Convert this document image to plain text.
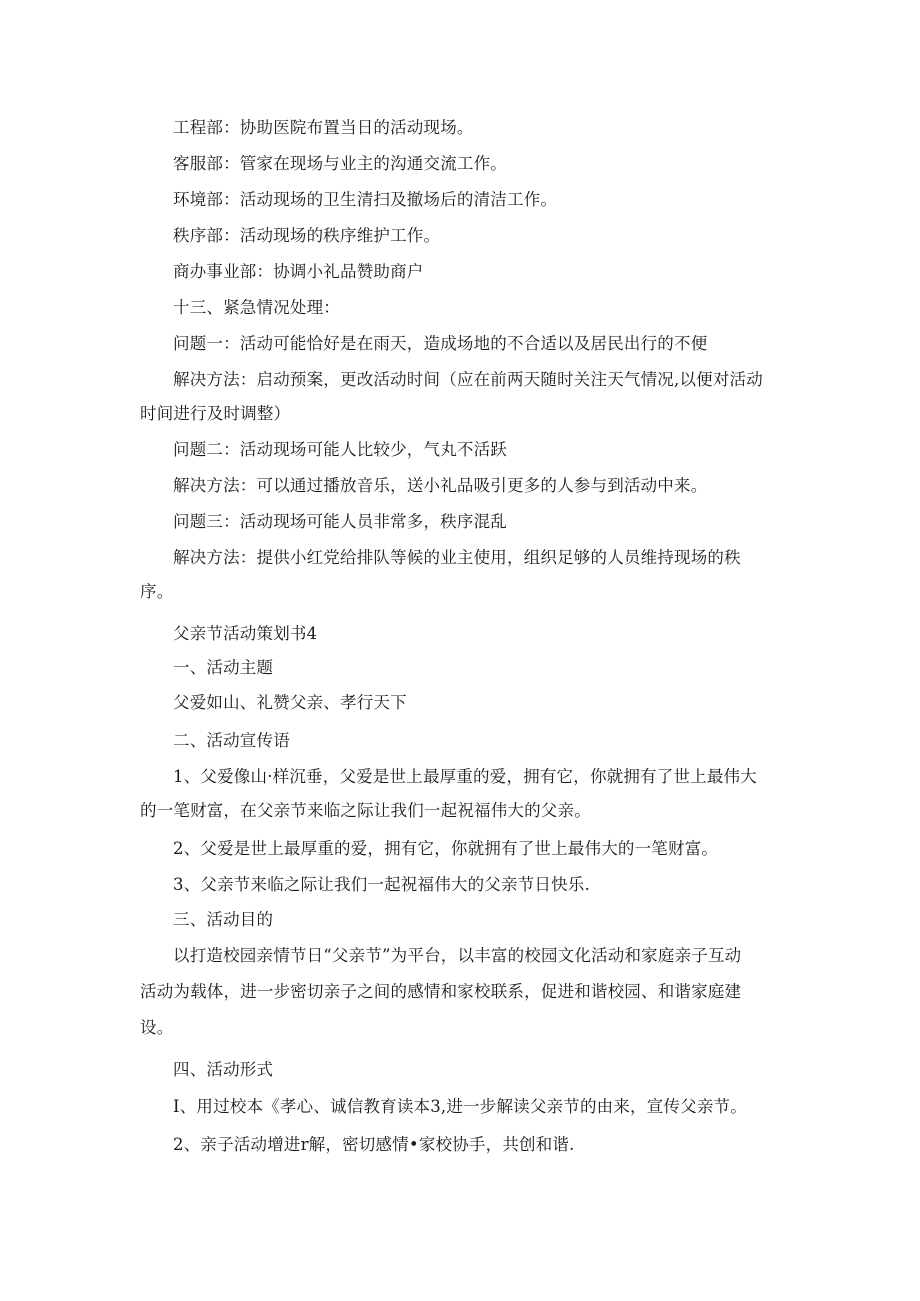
工程部：协助医院布置当日的活动现场。
客服部：管家在现场与业主的沟通交流工作。
环境部：活动现场的卫生清扫及撤场后的清洁工作。
秩序部：活动现场的秩序维护工作。
商办事业部：协调小礼品赞助商户
十三、紧急情况处理：
问题一：活动可能恰好是在雨天，造成场地的不合适以及居民出行的不便
解决方法：启动预案，更改活动时间（应在前两天随时关注天气情况,以便对活动
时间进行及时调整）
问题二：活动现场可能人比较少，气丸不活跃
解决方法：可以通过播放音乐，送小礼品吸引更多的人参与到活动中来。
问题三：活动现场可能人员非常多，秩序混乱
解决方法：提供小红党给排队等候的业主使用，组织足够的人员维持现场的秩
序。
父亲节活动策划书4
一、活动主题
父爱如山、礼赞父亲、孝行天下
二、活动宣传语
1、父爱像山·样沉垂，父爱是世上最厚重的爱，拥有它，你就拥有了世上最伟大
的一笔财富，在父亲节来临之际让我们一起祝福伟大的父亲。
2、父爱是世上最厚重的爱，拥有它，你就拥有了世上最伟大的一笔财富。
3、父亲节来临之际让我们一起祝福伟大的父亲节日快乐.
三、活动目的
以打造校园亲情节日“父亲节”为平台，以丰富的校园文化活动和家庭亲子互动
活动为载体，进一步密切亲子之间的感情和家校联系，促进和谐校园、和谐家庭建
设。
四、活动形式
I、用过校本《孝心、诚信教育读本3,进一步解读父亲节的由来，宣传父亲节。
2、亲子活动增进r解，密切感情•家校协手，共创和谐.
